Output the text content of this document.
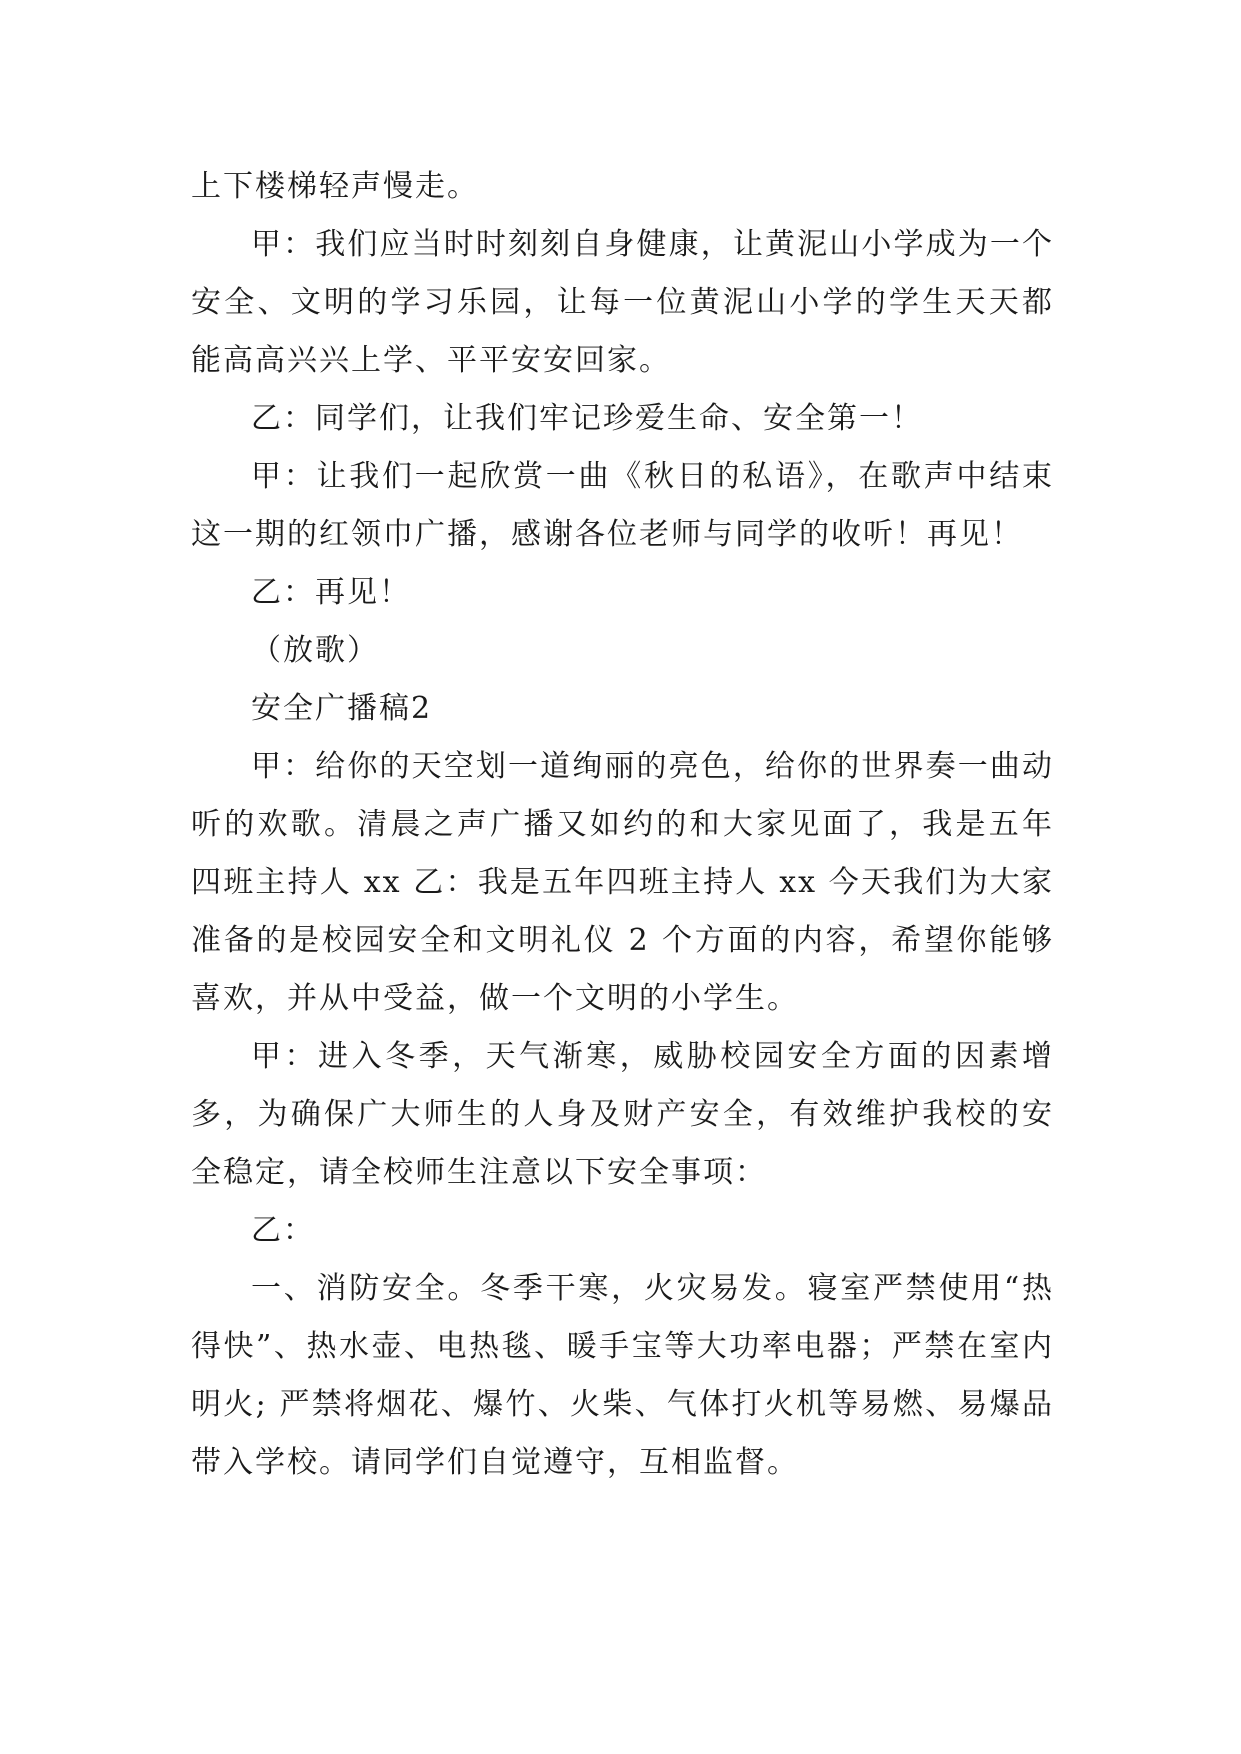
上下楼梯轻声慢走。

甲：我们应当时时刻刻自身健康，让黄泥山小学成为一个安全、文明的学习乐园，让每一位黄泥山小学的学生天天都能高高兴兴上学、平平安安回家。

乙：同学们，让我们牢记珍爱生命、安全第一！

甲：让我们一起欣赏一曲《秋日的私语》，在歌声中结束这一期的红领巾广播，感谢各位老师与同学的收听！再见！

乙：再见！

（放歌）

安全广播稿2

甲：给你的天空划一道绚丽的亮色，给你的世界奏一曲动听的欢歌。清晨之声广播又如约的和大家见面了，我是五年四班主持人 xx 乙：我是五年四班主持人 xx 今天我们为大家准备的是校园安全和文明礼仪 2 个方面的内容，希望你能够喜欢，并从中受益，做一个文明的小学生。

甲：进入冬季，天气渐寒，威胁校园安全方面的因素增多，为确保广大师生的人身及财产安全，有效维护我校的安全稳定，请全校师生注意以下安全事项：

乙：

一、消防安全。冬季干寒，火灾易发。寝室严禁使用“热得快”、热水壶、电热毯、暖手宝等大功率电器；严禁在室内明火; 严禁将烟花、爆竹、火柴、气体打火机等易燃、易爆品带入学校。请同学们自觉遵守，互相监督。
